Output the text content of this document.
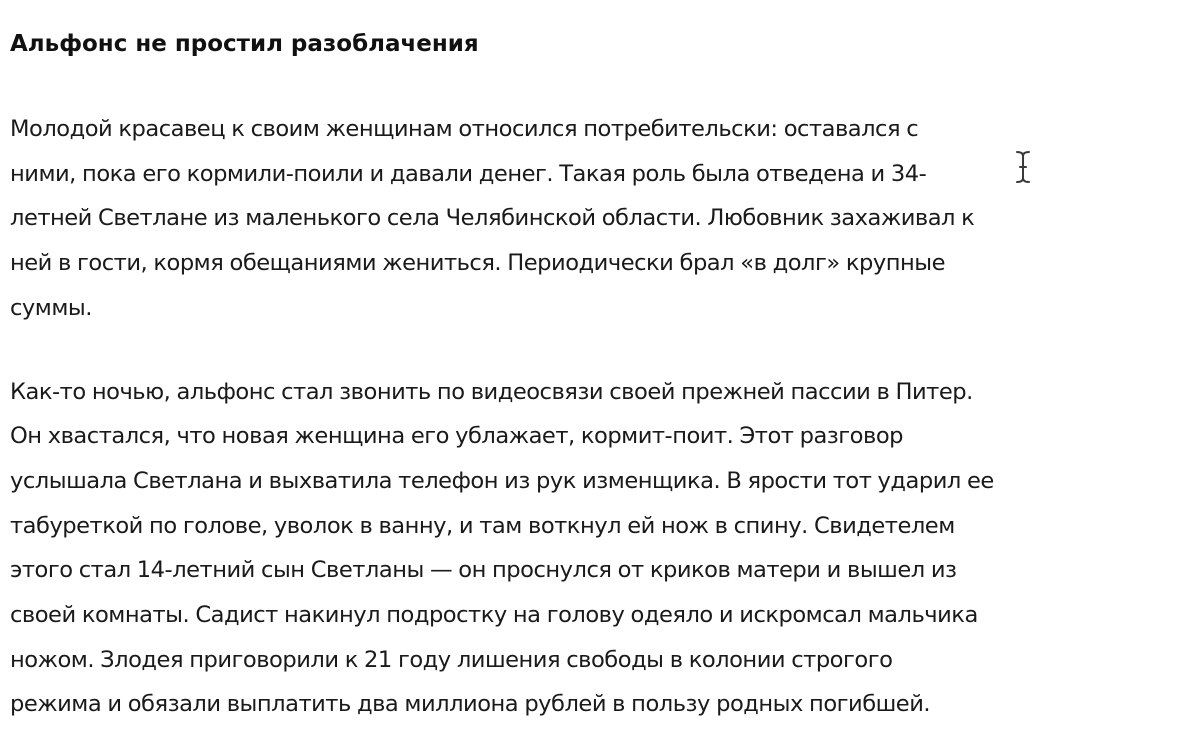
Альфонс не простил разоблачения

Молодой красавец к своим женщинам относился потребительски: оставался с
ними, пока его кормили-поили и давали денег. Такая роль была отведена и 34-
летней Светлане из маленького села Челябинской области. Любовник захаживал к
ней в гости, кормя обещаниями жениться. Периодически брал «в долг» крупные
суммы.

Как-то ночью, альфонс стал звонить по видеосвязи своей прежней пассии в Питер.
Он хвастался, что новая женщина его ублажает, кормит-поит. Этот разговор
услышала Светлана и выхватила телефон из рук изменщика. В ярости тот ударил ее
табуреткой по голове, уволок в ванну, и там воткнул ей нож в спину. Свидетелем
этого стал 14-летний сын Светланы — он проснулся от криков матери и вышел из
своей комнаты. Садист накинул подростку на голову одеяло и искромсал мальчика
ножом. Злодея приговорили к 21 году лишения свободы в колонии строгого
режима и обязали выплатить два миллиона рублей в пользу родных погибшей.
